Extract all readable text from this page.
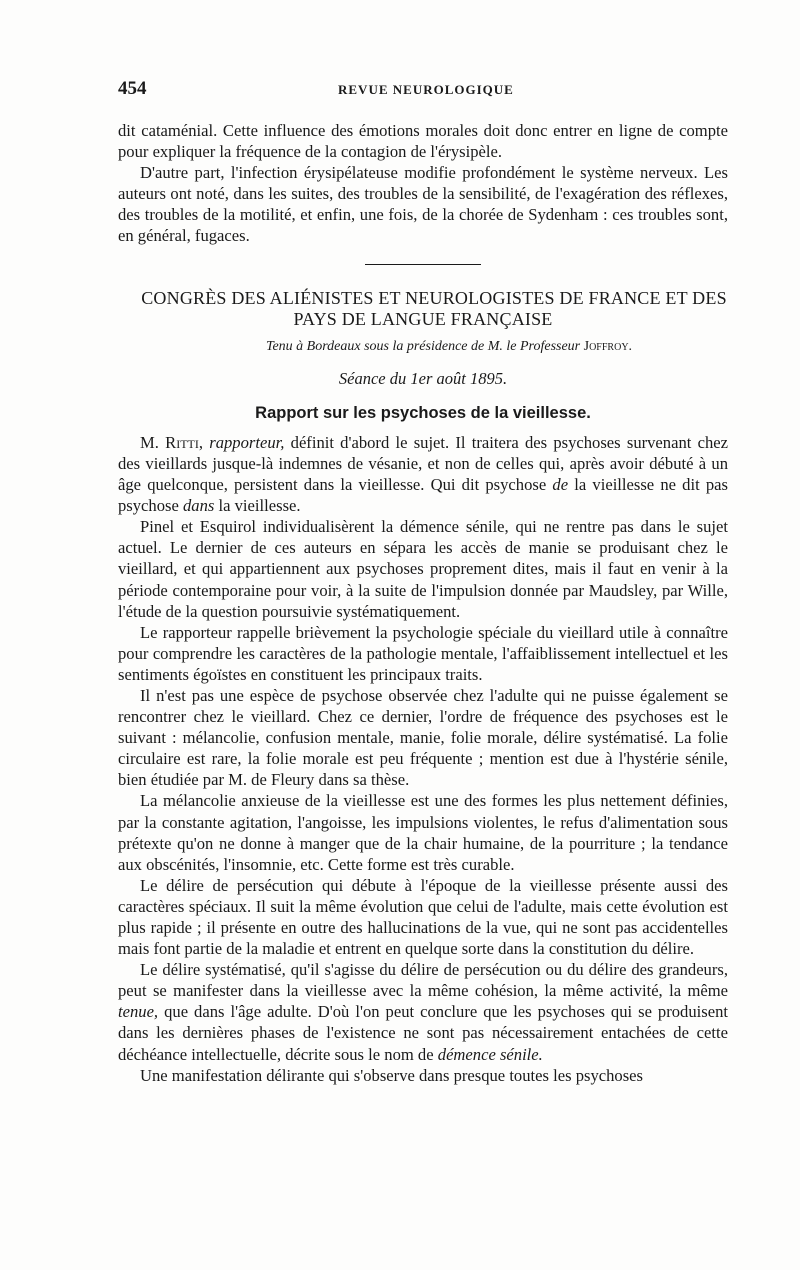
454	REVUE NEUROLOGIQUE

dit cataménial. Cette influence des émotions morales doit donc entrer en ligne de compte pour expliquer la fréquence de la contagion de l'érysipèle.

D'autre part, l'infection érysipélateuse modifie profondément le système nerveux. Les auteurs ont noté, dans les suites, des troubles de la sensibilité, de l'exagération des réflexes, des troubles de la motilité, et enfin, une fois, de la chorée de Sydenham : ces troubles sont, en général, fugaces.

CONGRÈS DES ALIÉNISTES ET NEUROLOGISTES DE FRANCE ET DES PAYS DE LANGUE FRANÇAISE

Tenu à Bordeaux sous la présidence de M. le Professeur Joffroy.
Séance du 1er août 1895.
Rapport sur les psychoses de la vieillesse.

M. Ritti, rapporteur, définit d'abord le sujet. Il traitera des psychoses survenant chez des vieillards jusque-là indemnes de vésanie, et non de celles qui, après avoir débuté à un âge quelconque, persistent dans la vieillesse. Qui dit psychose de la vieillesse ne dit pas psychose dans la vieillesse.

Pinel et Esquirol individualisèrent la démence sénile, qui ne rentre pas dans le sujet actuel. Le dernier de ces auteurs en sépara les accès de manie se produisant chez le vieillard, et qui appartiennent aux psychoses proprement dites, mais il faut en venir à la période contemporaine pour voir, à la suite de l'impulsion donnée par Maudsley, par Wille, l'étude de la question poursuivie systématiquement.

Le rapporteur rappelle brièvement la psychologie spéciale du vieillard utile à connaître pour comprendre les caractères de la pathologie mentale, l'affaiblissement intellectuel et les sentiments égoïstes en constituent les principaux traits.

Il n'est pas une espèce de psychose observée chez l'adulte qui ne puisse également se rencontrer chez le vieillard. Chez ce dernier, l'ordre de fréquence des psychoses est le suivant : mélancolie, confusion mentale, manie, folie morale, délire systématisé. La folie circulaire est rare, la folie morale est peu fréquente ; mention est due à l'hystérie sénile, bien étudiée par M. de Fleury dans sa thèse.

La mélancolie anxieuse de la vieillesse est une des formes les plus nettement définies, par la constante agitation, l'angoisse, les impulsions violentes, le refus d'alimentation sous prétexte qu'on ne donne à manger que de la chair humaine, de la pourriture ; la tendance aux obscénités, l'insomnie, etc. Cette forme est très curable.

Le délire de persécution qui débute à l'époque de la vieillesse présente aussi des caractères spéciaux. Il suit la même évolution que celui de l'adulte, mais cette évolution est plus rapide ; il présente en outre des hallucinations de la vue, qui ne sont pas accidentelles mais font partie de la maladie et entrent en quelque sorte dans la constitution du délire.

Le délire systématisé, qu'il s'agisse du délire de persécution ou du délire des grandeurs, peut se manifester dans la vieillesse avec la même cohésion, la même activité, la même tenue, que dans l'âge adulte. D'où l'on peut conclure que les psychoses qui se produisent dans les dernières phases de l'existence ne sont pas nécessairement entachées de cette déchéance intellectuelle, décrite sous le nom de démence sénile.

Une manifestation délirante qui s'observe dans presque toutes les psychoses
